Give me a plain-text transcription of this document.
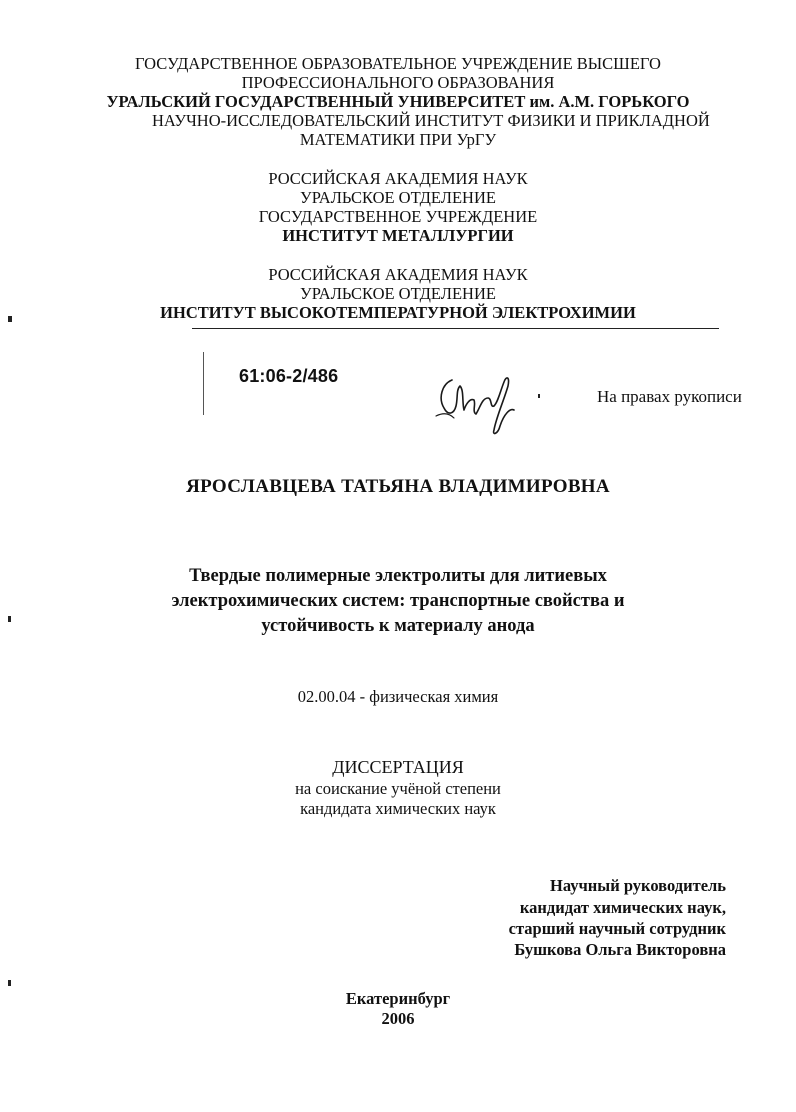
ГОСУДАРСТВЕННОЕ ОБРАЗОВАТЕЛЬНОЕ УЧРЕЖДЕНИЕ ВЫСШЕГО
ПРОФЕССИОНАЛЬНОГО ОБРАЗОВАНИЯ
УРАЛЬСКИЙ ГОСУДАРСТВЕННЫЙ УНИВЕРСИТЕТ им. А.М. ГОРЬКОГО
НАУЧНО-ИССЛЕДОВАТЕЛЬСКИЙ ИНСТИТУТ ФИЗИКИ И ПРИКЛАДНОЙ
МАТЕМАТИКИ ПРИ УрГУ
РОССИЙСКАЯ АКАДЕМИЯ НАУК
УРАЛЬСКОЕ ОТДЕЛЕНИЕ
ГОСУДАРСТВЕННОЕ УЧРЕЖДЕНИЕ
ИНСТИТУТ МЕТАЛЛУРГИИ
РОССИЙСКАЯ АКАДЕМИЯ НАУК
УРАЛЬСКОЕ ОТДЕЛЕНИЕ
ИНСТИТУТ ВЫСОКОТЕМПЕРАТУРНОЙ ЭЛЕКТРОХИМИИ
61:06-2/486
На правах рукописи
ЯРОСЛАВЦЕВА ТАТЬЯНА ВЛАДИМИРОВНА
Твердые полимерные электролиты для литиевых
электрохимических систем: транспортные свойства и
устойчивость к материалу анода
02.00.04 - физическая химия
ДИССЕРТАЦИЯ
на соискание учёной степени
кандидата химических наук
Научный руководитель
кандидат химических наук,
старший научный сотрудник
Бушкова Ольга Викторовна
Екатеринбург
2006
